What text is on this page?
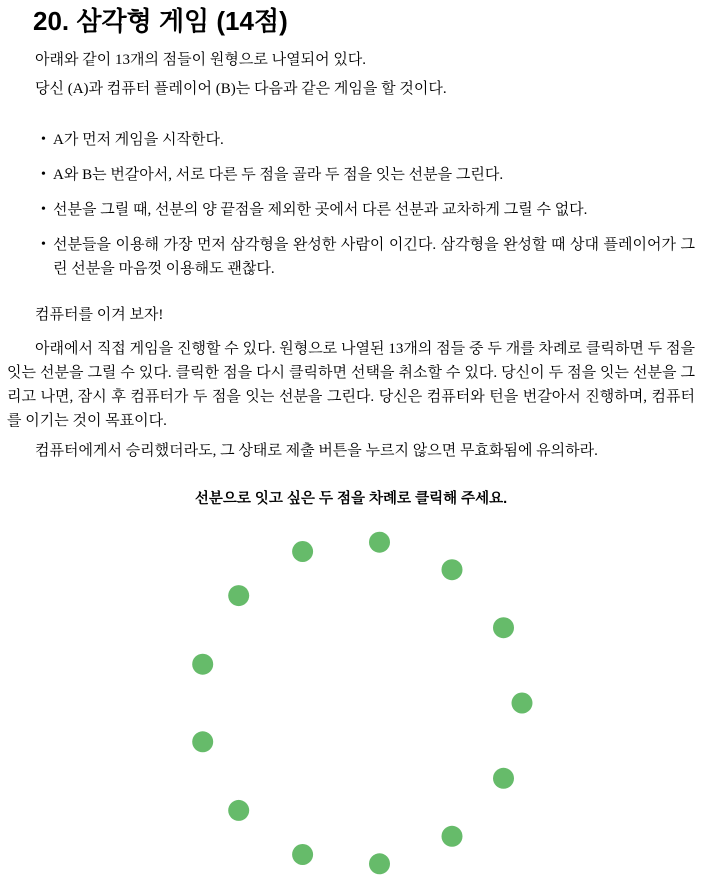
20. 삼각형 게임 (14점)

아래와 같이 13개의 점들이 원형으로 나열되어 있다.

당신 (A)과 컴퓨터 플레이어 (B)는 다음과 같은 게임을 할 것이다.

• A가 먼저 게임을 시작한다.
• A와 B는 번갈아서, 서로 다른 두 점을 골라 두 점을 잇는 선분을 그린다.
• 선분을 그릴 때, 선분의 양 끝점을 제외한 곳에서 다른 선분과 교차하게 그릴 수 없다.
• 선분들을 이용해 가장 먼저 삼각형을 완성한 사람이 이긴다. 삼각형을 완성할 때 상대 플레이어가 그린 선분을 마음껏 이용해도 괜찮다.

컴퓨터를 이겨 보자!

아래에서 직접 게임을 진행할 수 있다. 원형으로 나열된 13개의 점들 중 두 개를 차례로 클릭하면 두 점을 잇는 선분을 그릴 수 있다. 클릭한 점을 다시 클릭하면 선택을 취소할 수 있다. 당신이 두 점을 잇는 선분을 그리고 나면, 잠시 후 컴퓨터가 두 점을 잇는 선분을 그린다. 당신은 컴퓨터와 턴을 번갈아서 진행하며, 컴퓨터를 이기는 것이 목표이다.

컴퓨터에게서 승리했더라도, 그 상태로 제출 버튼을 누르지 않으면 무효화됨에 유의하라.

선분으로 잇고 싶은 두 점을 차례로 클릭해 주세요.
